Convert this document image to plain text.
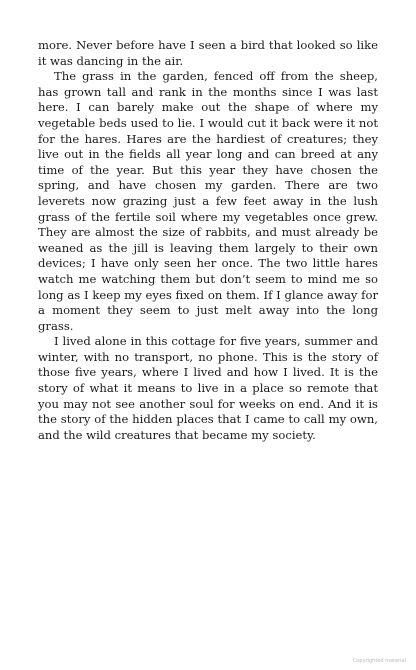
more. Never before have I seen a bird that looked so like it was dancing in the air.

The grass in the garden, fenced off from the sheep, has grown tall and rank in the months since I was last here. I can barely make out the shape of where my vegetable beds used to lie. I would cut it back were it not for the hares. Hares are the hardiest of creatures; they live out in the fields all year long and can breed at any time of the year. But this year they have chosen the spring, and have chosen my garden. There are two leverets now grazing just a few feet away in the lush grass of the fertile soil where my vegetables once grew. They are almost the size of rabbits, and must already be weaned as the jill is leaving them largely to their own devices; I have only seen her once. The two little hares watch me watching them but don’t seem to mind me so long as I keep my eyes fixed on them. If I glance away for a moment they seem to just melt away into the long grass.

I lived alone in this cottage for five years, summer and winter, with no transport, no phone. This is the story of those five years, where I lived and how I lived. It is the story of what it means to live in a place so remote that you may not see another soul for weeks on end. And it is the story of the hidden places that I came to call my own, and the wild creatures that became my society.

Copyrighted material
